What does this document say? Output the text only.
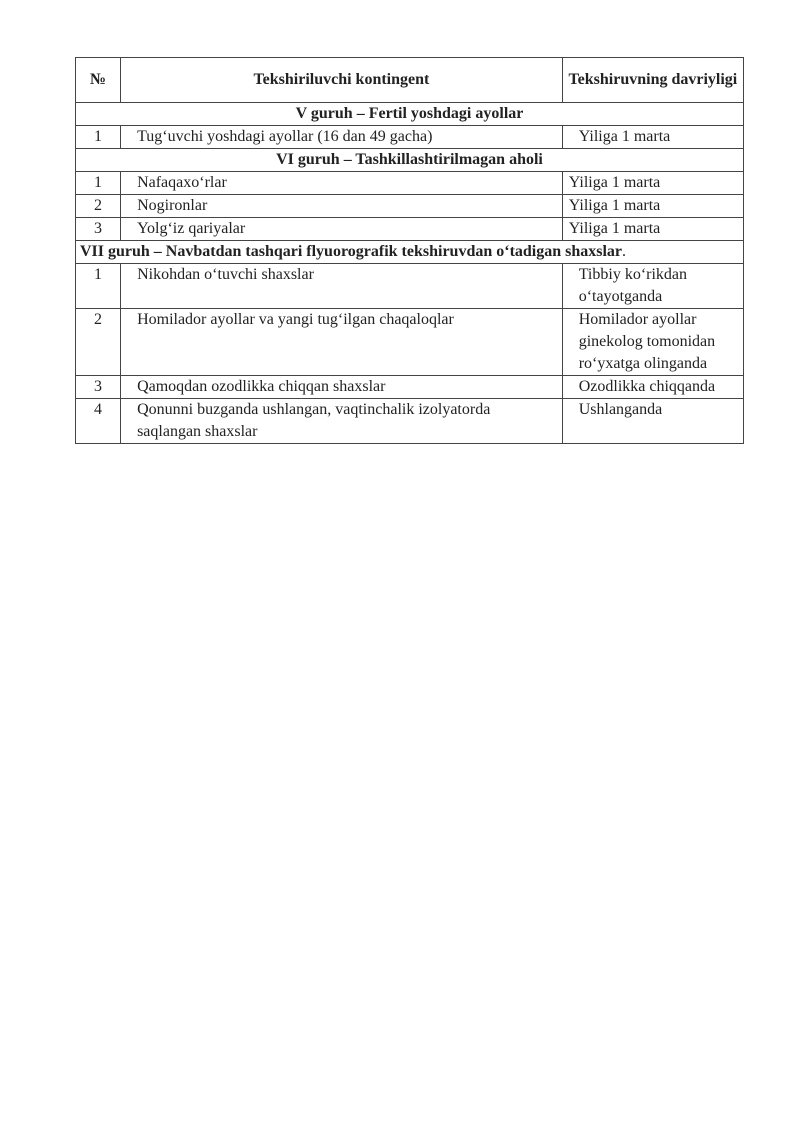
№	Tekshiriluvchi kontingent	Tekshiruvning davriyligi
V guruh – Fertil yoshdagi ayollar		
1	Tug‘uvchi yoshdagi ayollar (16 dan 49 gacha)	Yiliga 1 marta
VI guruh – Tashkillashtirilmagan aholi		
1	Nafaqaxo‘rlar	Yiliga 1 marta
2	Nogironlar	Yiliga 1 marta
3	Yolg‘iz qariyalar	Yiliga 1 marta
VII guruh – Navbatdan tashqari flyuorografik tekshiruvdan o‘tadigan shaxslar.		
1	Nikohdan o‘tuvchi shaxslar	Tibbiy ko‘rikdan o‘tayotganda
2	Homilador ayollar va yangi tug‘ilgan chaqaloqlar	Homilador ayollar ginekolog tomonidan ro‘yxatga olinganda
3	Qamoqdan ozodlikka chiqqan shaxslar	Ozodlikka chiqqanda
4	Qonunni buzganda ushlangan, vaqtinchalik izolyatorda saqlangan shaxslar	Ushlanganda
